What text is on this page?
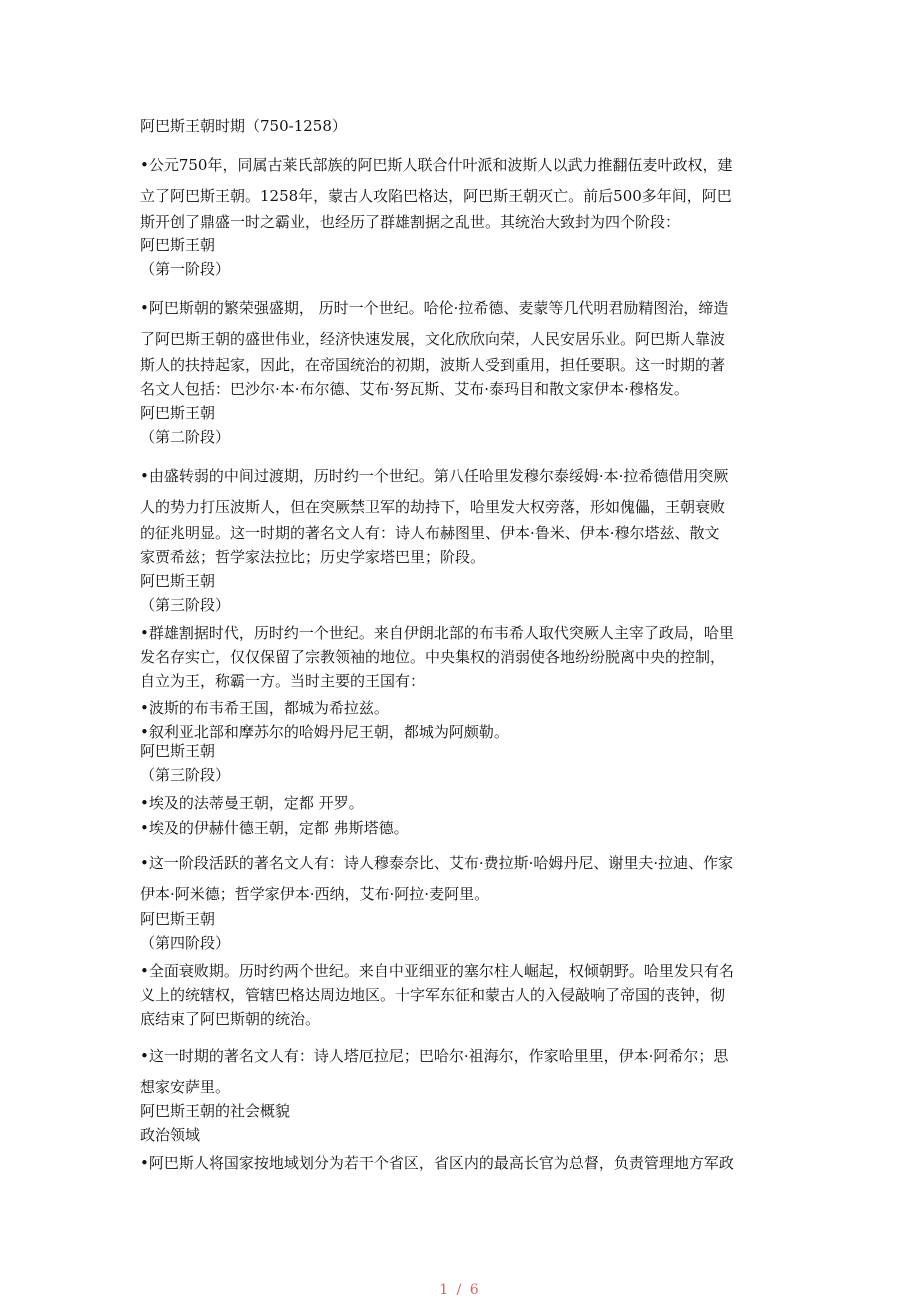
阿巴斯王朝时期（750-1258）
•公元750年，同属古莱氏部族的阿巴斯人联合什叶派和波斯人以武力推翻伍麦叶政权，建
立了阿巴斯王朝。1258年，蒙古人攻陷巴格达，阿巴斯王朝灭亡。前后500多年间，阿巴
斯开创了鼎盛一时之霸业，也经历了群雄割据之乱世。其统治大致封为四个阶段：
阿巴斯王朝
（第一阶段）
•阿巴斯朝的繁荣强盛期， 历时一个世纪。哈伦·拉希德、麦蒙等几代明君励精图治，缔造
了阿巴斯王朝的盛世伟业，经济快速发展，文化欣欣向荣，人民安居乐业。阿巴斯人靠波
斯人的扶持起家，因此，在帝国统治的初期，波斯人受到重用，担任要职。这一时期的著
名文人包括：巴沙尔·本·布尔德、艾布·努瓦斯、艾布·泰玛目和散文家伊本·穆格发。
阿巴斯王朝
（第二阶段）
•由盛转弱的中间过渡期，历时约一个世纪。第八任哈里发穆尔泰绥姆·本·拉希德借用突厥
人的势力打压波斯人，但在突厥禁卫军的劫持下，哈里发大权旁落，形如傀儡，王朝衰败
的征兆明显。这一时期的著名文人有：诗人布赫图里、伊本·鲁米、伊本·穆尔塔兹、散文
家贾希兹；哲学家法拉比；历史学家塔巴里；阶段。
阿巴斯王朝
（第三阶段）
•群雄割据时代，历时约一个世纪。来自伊朗北部的布韦希人取代突厥人主宰了政局，哈里
发名存实亡，仅仅保留了宗教领袖的地位。中央集权的消弱使各地纷纷脱离中央的控制，
自立为王，称霸一方。当时主要的王国有：
•波斯的布韦希王国，都城为希拉兹。
•叙利亚北部和摩苏尔的哈姆丹尼王朝，都城为阿颇勒。
阿巴斯王朝
（第三阶段）
•埃及的法蒂曼王朝，定都 开罗。
•埃及的伊赫什德王朝，定都 弗斯塔德。
•这一阶段活跃的著名文人有：诗人穆泰奈比、艾布·费拉斯·哈姆丹尼、谢里夫·拉迪、作家
伊本·阿米德；哲学家伊本·西纳，艾布·阿拉·麦阿里。
阿巴斯王朝
（第四阶段）
•全面衰败期。历时约两个世纪。来自中亚细亚的塞尔柱人崛起，权倾朝野。哈里发只有名
义上的统辖权，管辖巴格达周边地区。十字军东征和蒙古人的入侵敲响了帝国的丧钟，彻
底结束了阿巴斯朝的统治。
•这一时期的著名文人有：诗人塔厄拉尼；巴哈尔·祖海尔，作家哈里里，伊本·阿希尔；思
想家安萨里。
阿巴斯王朝的社会概貌
政治领域
•阿巴斯人将国家按地域划分为若干个省区，省区内的最高长官为总督，负责管理地方军政
1 / 6
